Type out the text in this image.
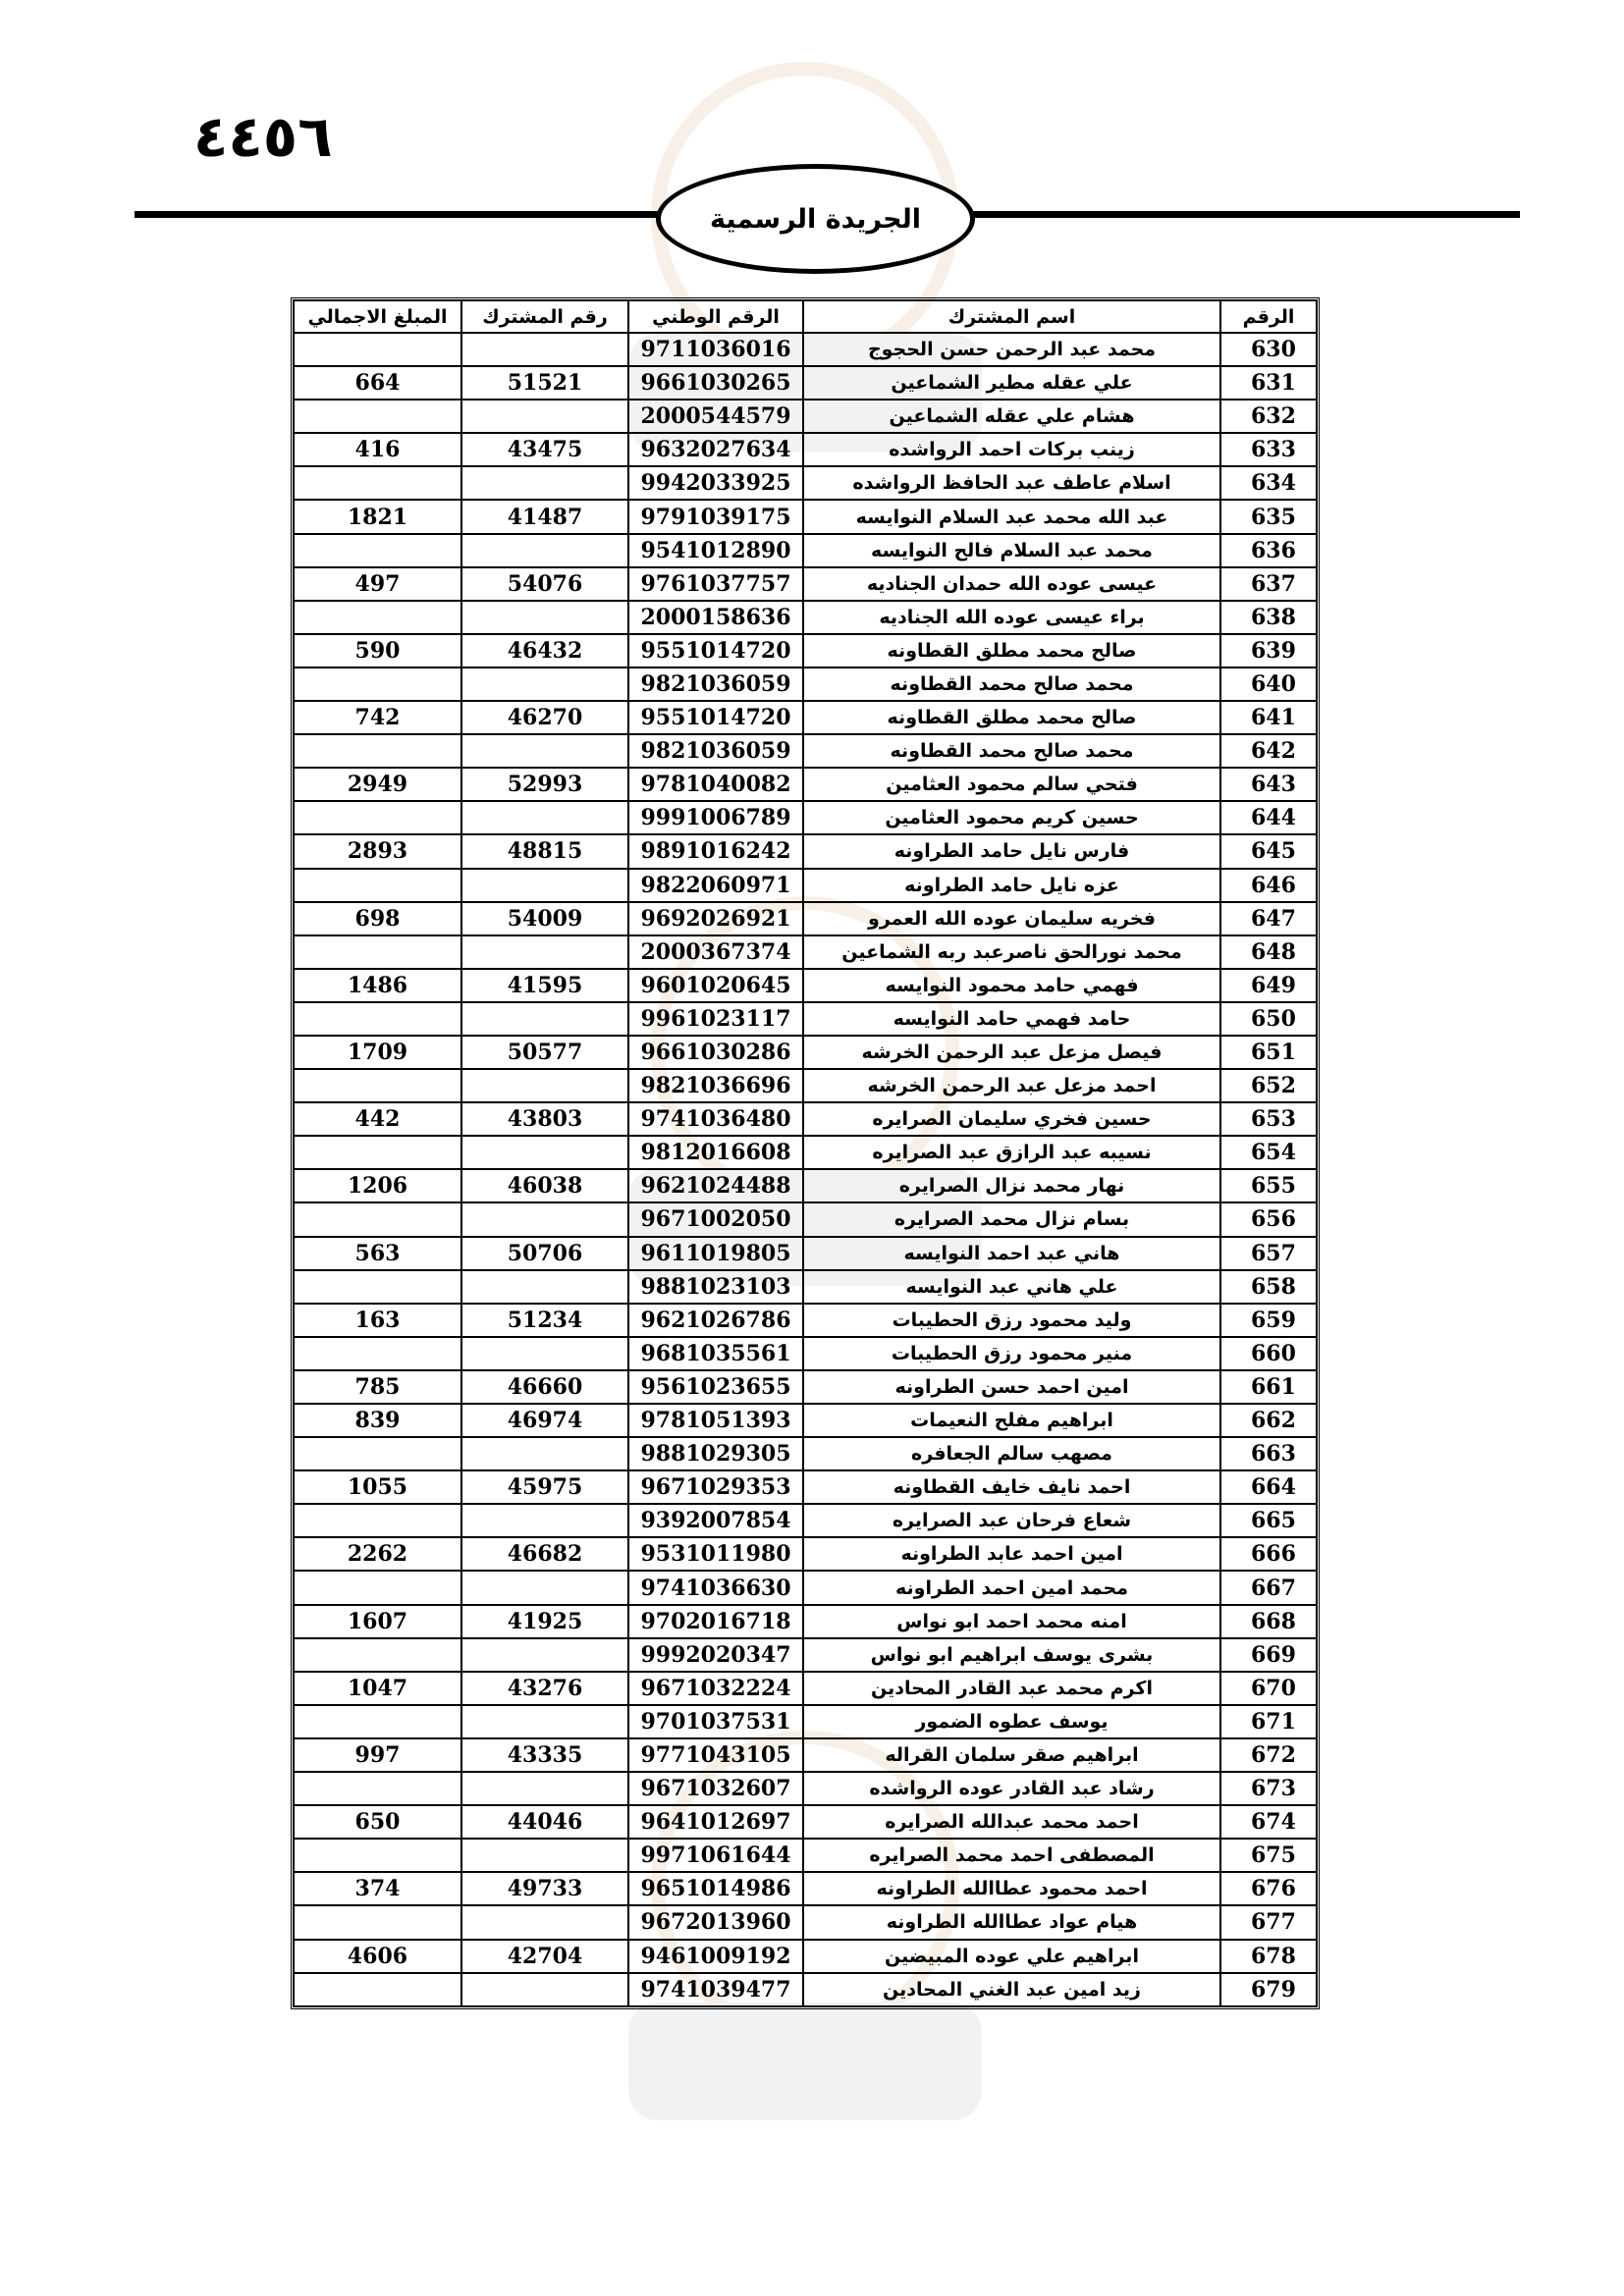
٤٤٥٦
الجريدة الرسمية
الرقم	اسم المشترك	الرقم الوطني	رقم المشترك	المبلغ الاجمالي
630	محمد عبد الرحمن حسن الحجوج	9711036016		
631	علي عقله مطير الشماعين	9661030265	51521	664
632	هشام علي عقله الشماعين	2000544579		
633	زينب بركات احمد الرواشده	9632027634	43475	416
634	اسلام عاطف عبد الحافظ الرواشده	9942033925		
635	عبد الله محمد عبد السلام النوايسه	9791039175	41487	1821
636	محمد عبد السلام فالح النوايسه	9541012890		
637	عيسى عوده الله حمدان الجناديه	9761037757	54076	497
638	براء عيسى عوده الله الجناديه	2000158636		
639	صالح محمد مطلق القطاونه	9551014720	46432	590
640	محمد صالح محمد القطاونه	9821036059		
641	صالح محمد مطلق القطاونه	9551014720	46270	742
642	محمد صالح محمد القطاونه	9821036059		
643	فتحي سالم محمود العثامين	9781040082	52993	2949
644	حسين كريم محمود العثامين	9991006789		
645	فارس نايل حامد الطراونه	9891016242	48815	2893
646	عزه نايل حامد الطراونه	9822060971		
647	فخريه سليمان عوده الله العمرو	9692026921	54009	698
648	محمد نورالحق ناصرعبد ربه الشماعين	2000367374		
649	فهمي حامد محمود النوايسه	9601020645	41595	1486
650	حامد فهمي حامد النوايسه	9961023117		
651	فيصل مزعل عبد الرحمن الخرشه	9661030286	50577	1709
652	احمد مزعل عبد الرحمن الخرشه	9821036696		
653	حسين فخري سليمان الصرايره	9741036480	43803	442
654	نسيبه عبد الرازق عبد الصرايره	9812016608		
655	نهار محمد نزال الصرايره	9621024488	46038	1206
656	بسام نزال محمد الصرايره	9671002050		
657	هاني عبد احمد النوايسه	9611019805	50706	563
658	علي هاني عبد النوايسه	9881023103		
659	وليد محمود رزق الحطيبات	9621026786	51234	163
660	منير محمود رزق الحطيبات	9681035561		
661	امين احمد حسن الطراونه	9561023655	46660	785
662	ابراهيم مفلح النعيمات	9781051393	46974	839
663	مصهب سالم الجعافره	9881029305		
664	احمد نايف خايف القطاونه	9671029353	45975	1055
665	شعاع فرحان عبد الصرايره	9392007854		
666	امين احمد عابد الطراونه	9531011980	46682	2262
667	محمد امين احمد الطراونه	9741036630		
668	امنه محمد احمد ابو نواس	9702016718	41925	1607
669	بشرى يوسف ابراهيم ابو نواس	9992020347		
670	اكرم محمد عبد القادر المحادين	9671032224	43276	1047
671	يوسف عطوه الضمور	9701037531		
672	ابراهيم صقر سلمان القراله	9771043105	43335	997
673	رشاد عبد القادر عوده الرواشده	9671032607		
674	احمد محمد عبدالله الصرايره	9641012697	44046	650
675	المصطفى احمد محمد الصرايره	9971061644		
676	احمد محمود عطاالله الطراونه	9651014986	49733	374
677	هيام عواد عطاالله الطراونه	9672013960		
678	ابراهيم علي عوده المبيضين	9461009192	42704	4606
679	زيد امين عبد الغني المحادين	9741039477		
